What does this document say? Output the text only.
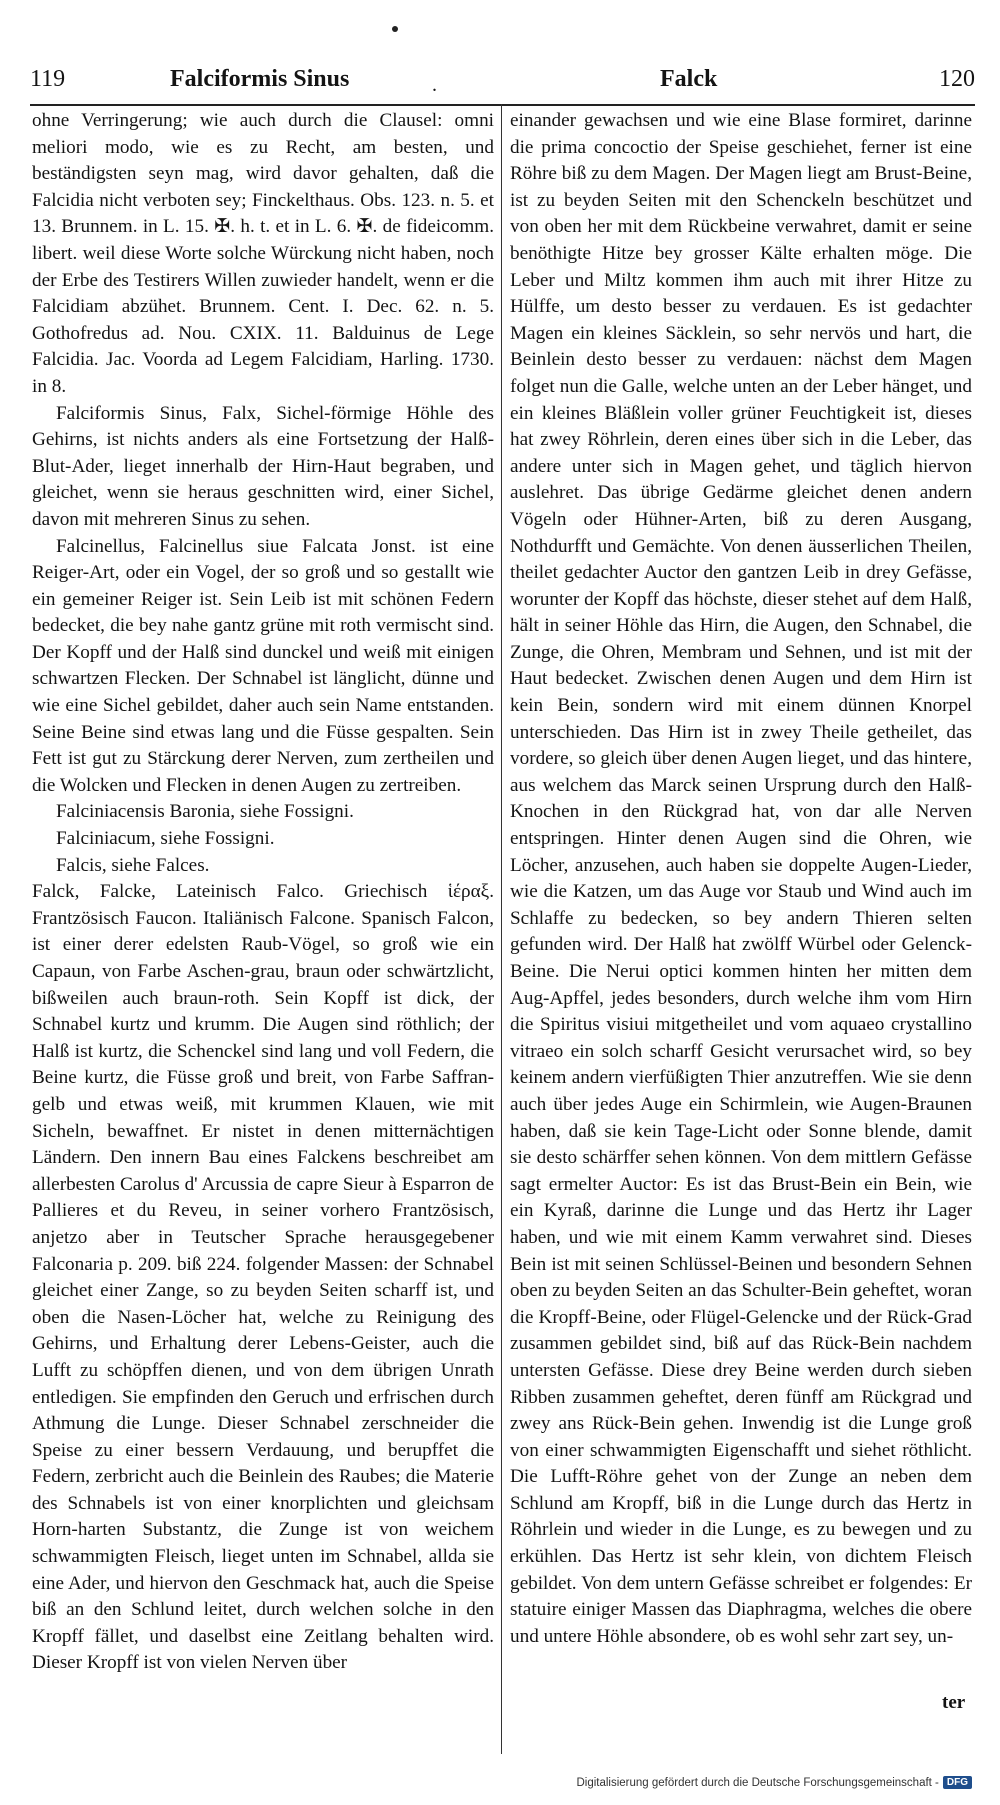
119	Falciformis Sinus	.	Falck	120

ohne Verringerung; wie auch durch die Clausel: omni meliori modo, wie es zu Recht, am besten, und beständigsten seyn mag, wird davor gehalten, daß die Falcidia nicht verboten sey; Finckelthaus. Obs. 123. n. 5. et 13. Brunnem. in L. 15. ✠. h. t. et in L. 6. ✠. de fideicomm. libert. weil diese Worte solche Würckung nicht haben, noch der Erbe des Testirers Willen zuwieder handelt, wenn er die Falcidiam abzühet. Brunnem. Cent. I. Dec. 62. n. 5. Gothofredus ad. Nou. CXIX. 11. Balduinus de Lege Falcidia. Jac. Voorda ad Legem Falcidiam, Harling. 1730. in 8.

Falciformis Sinus, Falx, Sichel-förmige Höhle des Gehirns, ist nichts anders als eine Fortsetzung der Halß-Blut-Ader, lieget innerhalb der Hirn-Haut begraben, und gleichet, wenn sie heraus geschnitten wird, einer Sichel, davon mit mehreren Sinus zu sehen.

Falcinellus, Falcinellus siue Falcata Jonst. ist eine Reiger-Art, oder ein Vogel, der so groß und so gestallt wie ein gemeiner Reiger ist. Sein Leib ist mit schönen Federn bedecket, die bey nahe gantz grüne mit roth vermischt sind. Der Kopff und der Halß sind dunckel und weiß mit einigen schwartzen Flecken. Der Schnabel ist länglicht, dünne und wie eine Sichel gebildet, daher auch sein Name entstanden. Seine Beine sind etwas lang und die Füsse gespalten. Sein Fett ist gut zu Stärckung derer Nerven, zum zertheilen und die Wolcken und Flecken in denen Augen zu zertreiben.

Falciniacensis Baronia, siehe Fossigni.

Falciniacum, siehe Fossigni.

Falcis, siehe Falces.

Falck, Falcke, Lateinisch Falco. Griechisch ἱέραξ. Frantzösisch Faucon. Italiänisch Falcone. Spanisch Falcon, ist einer derer edelsten Raub-Vögel, so groß wie ein Capaun, von Farbe Aschen-grau, braun oder schwärtzlicht, bißweilen auch braun-roth. Sein Kopff ist dick, der Schnabel kurtz und krumm. Die Augen sind röthlich; der Halß ist kurtz, die Schenckel sind lang und voll Federn, die Beine kurtz, die Füsse groß und breit, von Farbe Saffran-gelb und etwas weiß, mit krummen Klauen, wie mit Sicheln, bewaffnet. Er nistet in denen mitternächtigen Ländern. Den innern Bau eines Falckens beschreibet am allerbesten Carolus d' Arcussia de capre Sieur à Esparron de Pallieres et du Reveu, in seiner vorhero Frantzösisch, anjetzo aber in Teutscher Sprache herausgegebener Falconaria p. 209. biß 224. folgender Massen: der Schnabel gleichet einer Zange, so zu beyden Seiten scharff ist, und oben die Nasen-Löcher hat, welche zu Reinigung des Gehirns, und Erhaltung derer Lebens-Geister, auch die Lufft zu schöpffen dienen, und von dem übrigen Unrath entledigen. Sie empfinden den Geruch und erfrischen durch Athmung die Lunge. Dieser Schnabel zerschneider die Speise zu einer bessern Verdauung, und berupffet die Federn, zerbricht auch die Beinlein des Raubes; die Materie des Schnabels ist von einer knorplichten und gleichsam Horn-harten Substantz, die Zunge ist von weichem schwammigten Fleisch, lieget unten im Schnabel, allda sie eine Ader, und hiervon den Geschmack hat, auch die Speise biß an den Schlund leitet, durch welchen solche in den Kropff fället, und daselbst eine Zeitlang behalten wird. Dieser Kropff ist von vielen Nerven über

einander gewachsen und wie eine Blase formiret, darinne die prima concoctio der Speise geschiehet, ferner ist eine Röhre biß zu dem Magen. Der Magen liegt am Brust-Beine, ist zu beyden Seiten mit den Schenckeln beschützet und von oben her mit dem Rückbeine verwahret, damit er seine benöthigte Hitze bey grosser Kälte erhalten möge. Die Leber und Miltz kommen ihm auch mit ihrer Hitze zu Hülffe, um desto besser zu verdauen. Es ist gedachter Magen ein kleines Säcklein, so sehr nervös und hart, die Beinlein desto besser zu verdauen: nächst dem Magen folget nun die Galle, welche unten an der Leber hänget, und ein kleines Bläßlein voller grüner Feuchtigkeit ist, dieses hat zwey Röhrlein, deren eines über sich in die Leber, das andere unter sich in Magen gehet, und täglich hiervon auslehret. Das übrige Gedärme gleichet denen andern Vögeln oder Hühner-Arten, biß zu deren Ausgang, Nothdurfft und Gemächte. Von denen äusserlichen Theilen, theilet gedachter Auctor den gantzen Leib in drey Gefässe, worunter der Kopff das höchste, dieser stehet auf dem Halß, hält in seiner Höhle das Hirn, die Augen, den Schnabel, die Zunge, die Ohren, Membram und Sehnen, und ist mit der Haut bedecket. Zwischen denen Augen und dem Hirn ist kein Bein, sondern wird mit einem dünnen Knorpel unterschieden. Das Hirn ist in zwey Theile getheilet, das vordere, so gleich über denen Augen lieget, und das hintere, aus welchem das Marck seinen Ursprung durch den Halß-Knochen in den Rückgrad hat, von dar alle Nerven entspringen. Hinter denen Augen sind die Ohren, wie Löcher, anzusehen, auch haben sie doppelte Augen-Lieder, wie die Katzen, um das Auge vor Staub und Wind auch im Schlaffe zu bedecken, so bey andern Thieren selten gefunden wird. Der Halß hat zwölff Würbel oder Gelenck-Beine. Die Nerui optici kommen hinten her mitten dem Aug-Apffel, jedes besonders, durch welche ihm vom Hirn die Spiritus visiui mitgetheilet und vom aquaeo crystallino vitraeo ein solch scharff Gesicht verursachet wird, so bey keinem andern vierfüßigten Thier anzutreffen. Wie sie denn auch über jedes Auge ein Schirmlein, wie Augen-Braunen haben, daß sie kein Tage-Licht oder Sonne blende, damit sie desto schärffer sehen können. Von dem mittlern Gefässe sagt ermelter Auctor: Es ist das Brust-Bein ein Bein, wie ein Kyraß, darinne die Lunge und das Hertz ihr Lager haben, und wie mit einem Kamm verwahret sind. Dieses Bein ist mit seinen Schlüssel-Beinen und besondern Sehnen oben zu beyden Seiten an das Schulter-Bein geheftet, woran die Kropff-Beine, oder Flügel-Gelencke und der Rück-Grad zusammen gebildet sind, biß auf das Rück-Bein nachdem untersten Gefässe. Diese drey Beine werden durch sieben Ribben zusammen geheftet, deren fünff am Rückgrad und zwey ans Rück-Bein gehen. Inwendig ist die Lunge groß von einer schwammigten Eigenschafft und siehet röthlicht. Die Lufft-Röhre gehet von der Zunge an neben dem Schlund am Kropff, biß in die Lunge durch das Hertz in Röhrlein und wieder in die Lunge, es zu bewegen und zu erkühlen. Das Hertz ist sehr klein, von dichtem Fleisch gebildet. Von dem untern Gefässe schreibet er folgendes: Er statuire einiger Massen das Diaphragma, welches die obere und untere Höhle absondere, ob es wohl sehr zart sey, un-

ter
Digitalisierung gefördert durch die Deutsche Forschungsgemeinschaft - DFG
